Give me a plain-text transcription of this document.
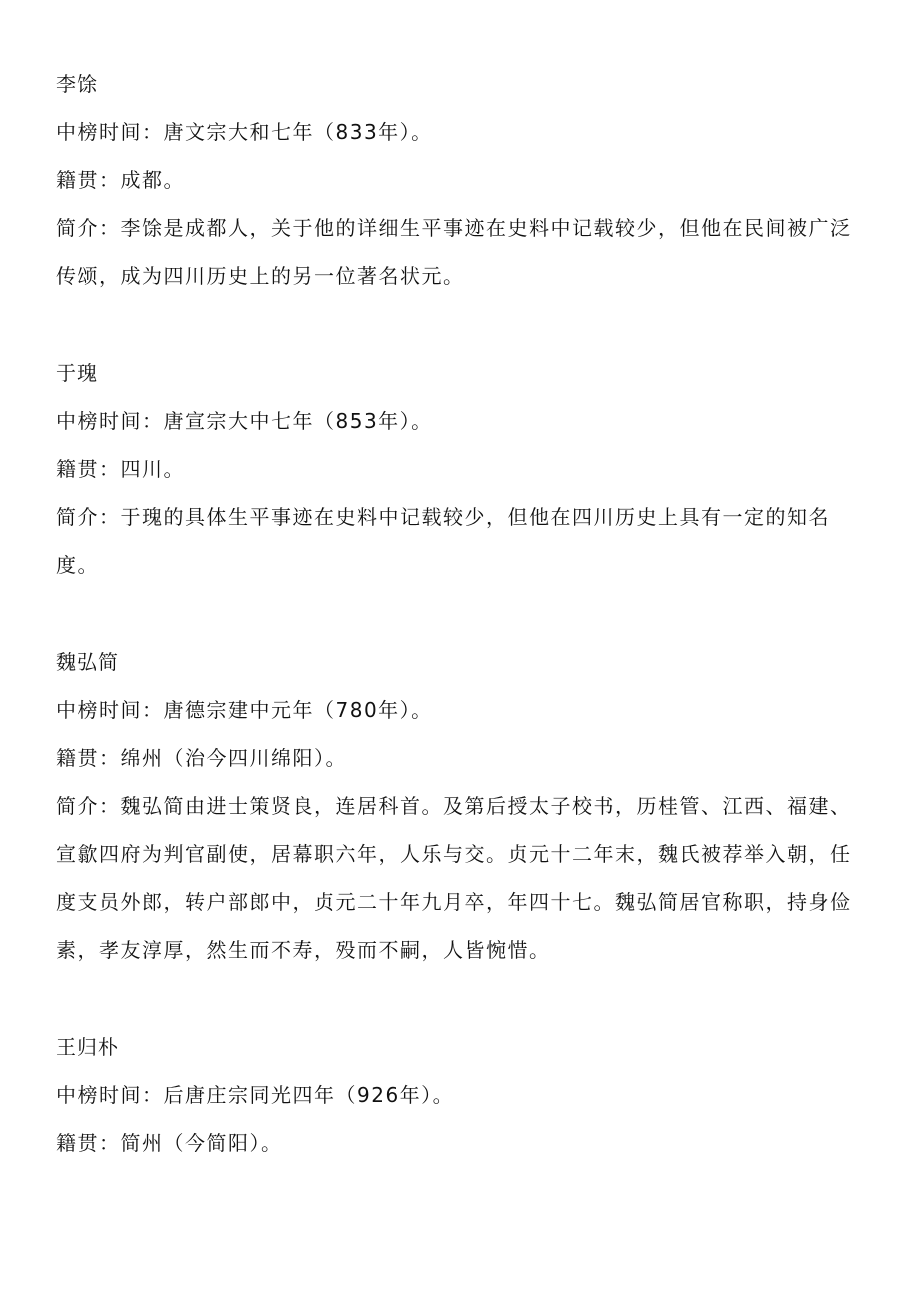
李馀

中榜时间：唐文宗大和七年（833年）。

籍贯：成都。

简介：李馀是成都人，关于他的详细生平事迹在史料中记载较少，但他在民间被广泛传颂，成为四川历史上的另一位著名状元。

于瑰

中榜时间：唐宣宗大中七年（853年）。

籍贯：四川。

简介：于瑰的具体生平事迹在史料中记载较少，但他在四川历史上具有一定的知名度。

魏弘简

中榜时间：唐德宗建中元年（780年）。

籍贯：绵州（治今四川绵阳）。

简介：魏弘简由进士策贤良，连居科首。及第后授太子校书，历桂管、江西、福建、宣歙四府为判官副使，居幕职六年，人乐与交。贞元十二年末，魏氏被荐举入朝，任度支员外郎，转户部郎中，贞元二十年九月卒，年四十七。魏弘简居官称职，持身俭素，孝友淳厚，然生而不寿，殁而不嗣，人皆惋惜。

王归朴

中榜时间：后唐庄宗同光四年（926年）。

籍贯：简州（今简阳）。
